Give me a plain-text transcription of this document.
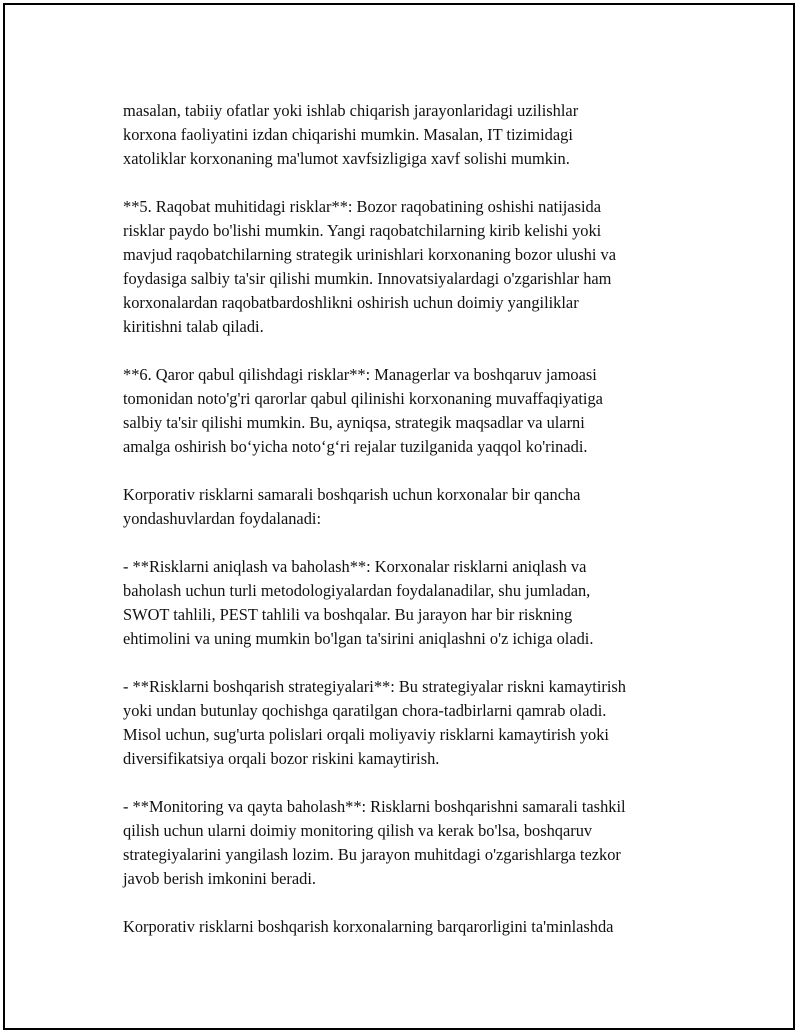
masalan, tabiiy ofatlar yoki ishlab chiqarish jarayonlaridagi uzilishlar
korxona faoliyatini izdan chiqarishi mumkin. Masalan, IT tizimidagi
xatoliklar korxonaning ma'lumot xavfsizligiga xavf solishi mumkin.

**5. Raqobat muhitidagi risklar**: Bozor raqobatining oshishi natijasida
risklar paydo bo'lishi mumkin. Yangi raqobatchilarning kirib kelishi yoki
mavjud raqobatchilarning strategik urinishlari korxonaning bozor ulushi va
foydasiga salbiy ta'sir qilishi mumkin. Innovatsiyalardagi o'zgarishlar ham
korxonalardan raqobatbardoshlikni oshirish uchun doimiy yangiliklar
kiritishni talab qiladi.

**6. Qaror qabul qilishdagi risklar**: Managerlar va boshqaruv jamoasi
tomonidan noto'g'ri qarorlar qabul qilinishi korxonaning muvaffaqiyatiga
salbiy ta'sir qilishi mumkin. Bu, ayniqsa, strategik maqsadlar va ularni
amalga oshirish bo‘yicha noto‘g‘ri rejalar tuzilganida yaqqol ko'rinadi.

Korporativ risklarni samarali boshqarish uchun korxonalar bir qancha
yondashuvlardan foydalanadi:

- **Risklarni aniqlash va baholash**: Korxonalar risklarni aniqlash va
baholash uchun turli metodologiyalardan foydalanadilar, shu jumladan,
SWOT tahlili, PEST tahlili va boshqalar. Bu jarayon har bir riskning
ehtimolini va uning mumkin bo'lgan ta'sirini aniqlashni o'z ichiga oladi.

- **Risklarni boshqarish strategiyalari**: Bu strategiyalar riskni kamaytirish
yoki undan butunlay qochishga qaratilgan chora-tadbirlarni qamrab oladi.
Misol uchun, sug'urta polislari orqali moliyaviy risklarni kamaytirish yoki
diversifikatsiya orqali bozor riskini kamaytirish.

- **Monitoring va qayta baholash**: Risklarni boshqarishni samarali tashkil
qilish uchun ularni doimiy monitoring qilish va kerak bo'lsa, boshqaruv
strategiyalarini yangilash lozim. Bu jarayon muhitdagi o'zgarishlarga tezkor
javob berish imkonini beradi.

Korporativ risklarni boshqarish korxonalarning barqarorligini ta'minlashda
